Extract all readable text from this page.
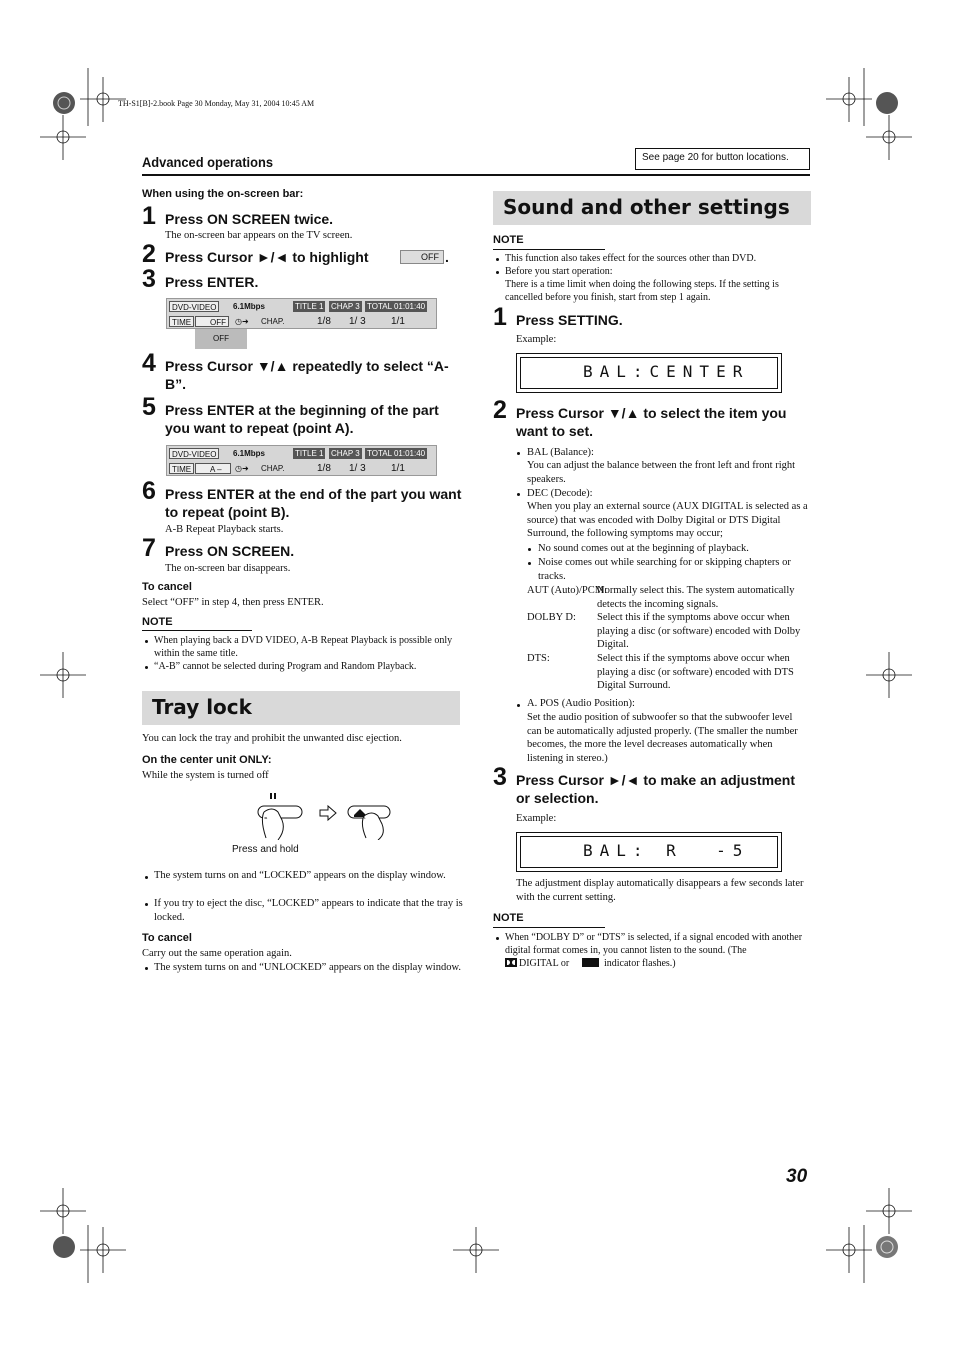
TH-S1[B]-2.book Page 30 Monday, May 31, 2004 10:45 AM
Advanced operations	See page 20 for button locations.
When using the on-screen bar:
1 Press ON SCREEN twice.
The on-screen bar appears on the TV screen.
2 Press Cursor ►/◄ to highlight	OFF .
3 Press ENTER.
DVD-VIDEO	6.1Mbps	TITLE 1 CHAP 3 TOTAL 01:01:40
TIME	OFF	◷➜ CHAP.	1/8 1/ 3	1/1
OFF
4 Press Cursor ▼/▲ repeatedly to select “A-B”.
5 Press ENTER at the beginning of the part you want to repeat (point A).
DVD-VIDEO	6.1Mbps	TITLE 1 CHAP 3 TOTAL 01:01:40
TIME	A –	◷➜ CHAP.	1/8 1/ 3	1/1
6 Press ENTER at the end of the part you want to repeat (point B).
A-B Repeat Playback starts.
7 Press ON SCREEN.
The on-screen bar disappears.
To cancel
Select “OFF” in step 4, then press ENTER.
NOTE
When playing back a DVD VIDEO, A-B Repeat Playback is possible only within the same title.
“A-B” cannot be selected during Program and Random Playback.
Tray lock
You can lock the tray and prohibit the unwanted disc ejection.
On the center unit ONLY:
While the system is turned off
Press and hold
The system turns on and “LOCKED” appears on the display window.
If you try to eject the disc, “LOCKED” appears to indicate that the tray is locked.
To cancel
Carry out the same operation again.
The system turns on and “UNLOCKED” appears on the display window.
Sound and other settings
NOTE
This function also takes effect for the sources other than DVD.
Before you start operation:
There is a time limit when doing the following steps. If the setting is cancelled before you finish, start from step 1 again.
1 Press SETTING.
Example:
BAL:CENTER
2 Press Cursor ▼/▲ to select the item you want to set.
BAL (Balance):
You can adjust the balance between the front left and front right speakers.
DEC (Decode):
When you play an external source (AUX DIGITAL is selected as a source) that was encoded with Dolby Digital or DTS Digital Surround, the following symptoms may occur;
No sound comes out at the beginning of playback.
Noise comes out while searching for or skipping chapters or tracks.
AUT (Auto)/PCM:
Normally select this. The system automatically detects the incoming signals.
DOLBY D: Select this if the symptoms above occur when playing a disc (or software) encoded with Dolby Digital.
DTS:	Select this if the symptoms above occur when playing a disc (or software) encoded with DTS Digital Surround.
A. POS (Audio Position):
Set the audio position of subwoofer so that the subwoofer level can be automatically adjusted properly. (The smaller the number becomes, the more the level decreases automatically when listening in stereo.)
3 Press Cursor ►/◄ to make an adjustment or selection.
Example:
BAL: R  -5
The adjustment display automatically disappears a few seconds later with the current setting.
NOTE
When “DOLBY D” or “DTS” is selected, if a signal encoded with another digital format comes in, you cannot listen to the sound. (The
DIGITAL or	indicator flashes.)
30
